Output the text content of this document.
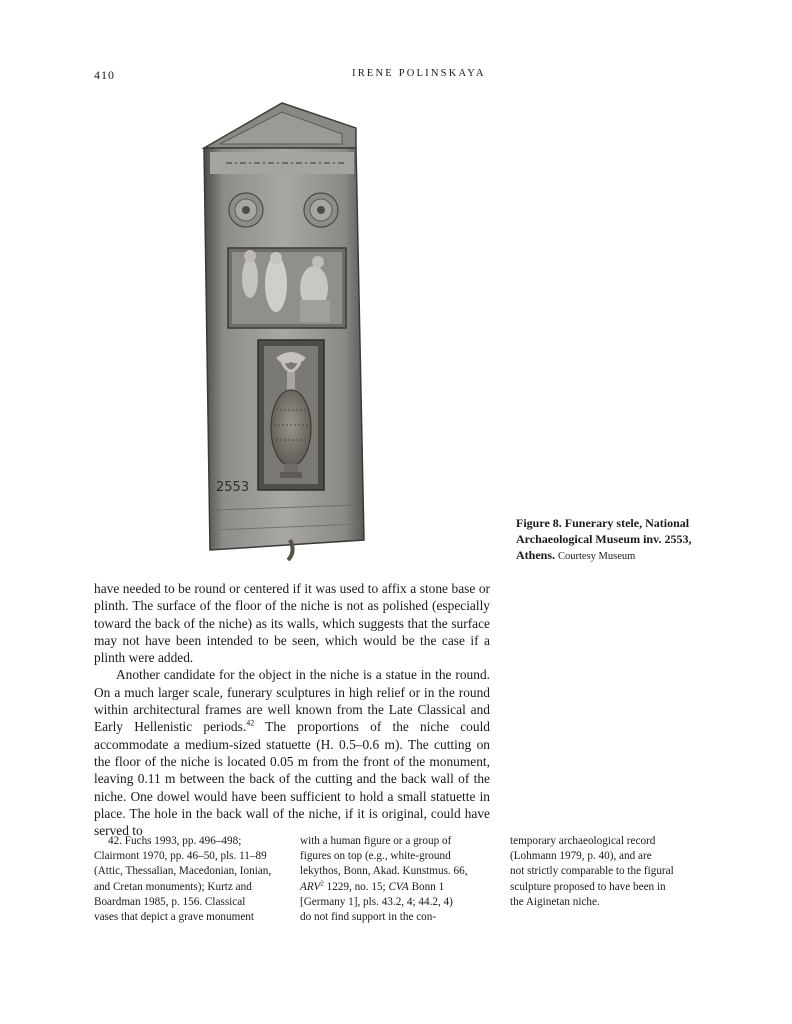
410	IRENE POLINSKAYA
2553
Figure 8. Funerary stele, National Archaeological Museum inv. 2553, Athens. Courtesy Museum

have needed to be round or centered if it was used to affix a stone base or plinth. The surface of the floor of the niche is not as polished (especially toward the back of the niche) as its walls, which suggests that the surface may not have been intended to be seen, which would be the case if a plinth were added.

Another candidate for the object in the niche is a statue in the round. On a much larger scale, funerary sculptures in high relief or in the round within architectural frames are well known from the Late Classical and Early Hellenistic periods.$^{42}$ The proportions of the niche could accommodate a medium-sized statuette (H. 0.5–0.6 m). The cutting on the floor of the niche is located 0.05 m from the front of the monument, leaving 0.11 m between the back of the cutting and the back wall of the niche. One dowel would have been sufficient to hold a small statuette in place. The hole in the back wall of the niche, if it is original, could have served to

42. Fuchs 1993, pp. 496–498;
Clairmont 1970, pp. 46–50, pls. 11–89
(Attic, Thessalian, Macedonian, Ionian,
and Cretan monuments); Kurtz and
Boardman 1985, p. 156. Classical
vases that depict a grave monument
with a human figure or a group of
figures on top (e.g., white-ground
lekythos, Bonn, Akad. Kunstmus. 66,
ARV$^2$ 1229, no. 15; CVA Bonn 1
[Germany 1], pls. 43.2, 4; 44.2, 4)
do not find support in the con-
temporary archaeological record
(Lohmann 1979, p. 40), and are
not strictly comparable to the figural
sculpture proposed to have been in
the Aiginetan niche.
